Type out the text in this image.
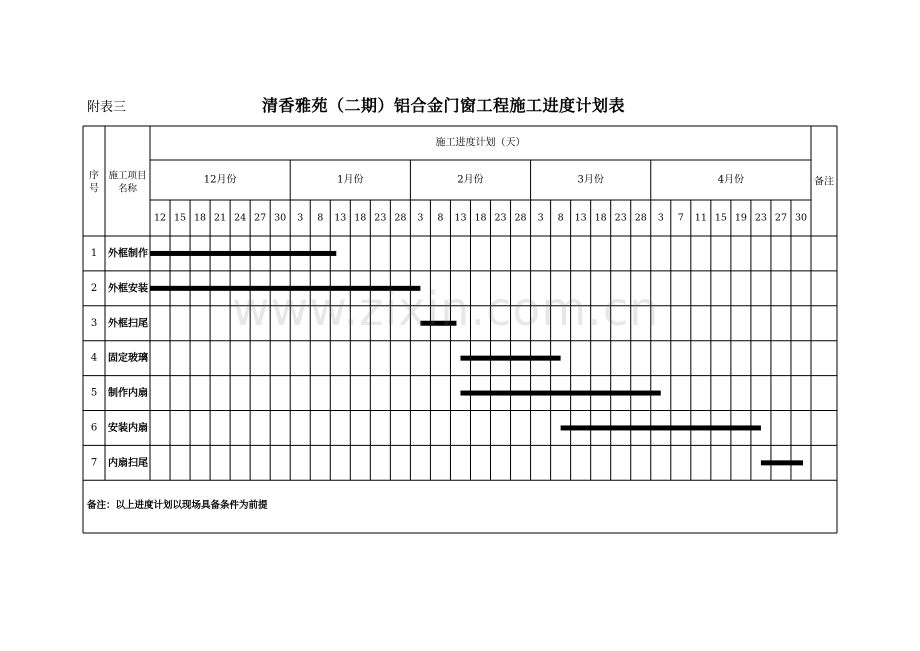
附表三	清香雅苑（二期）铝合金门窗工程施工进度计划表
12月份
12 15 18 21 24 27 30
1月份
3 8 13 18 23 28
2月份
3 8 13 18 23 28
3月份
3 8 13 18 23 28
4月份
3 7 11 15 19 23 27 30
施工进度计划（天）
序
号
施工项目
名称
备注
1 外框制作
2 外框安装
3 外框扫尾
4 固定玻璃
5 制作内扇
6 安装内扇
7 内扇扫尾
备注：以上进度计划以现场具备条件为前提
www.zixin.com.cn
